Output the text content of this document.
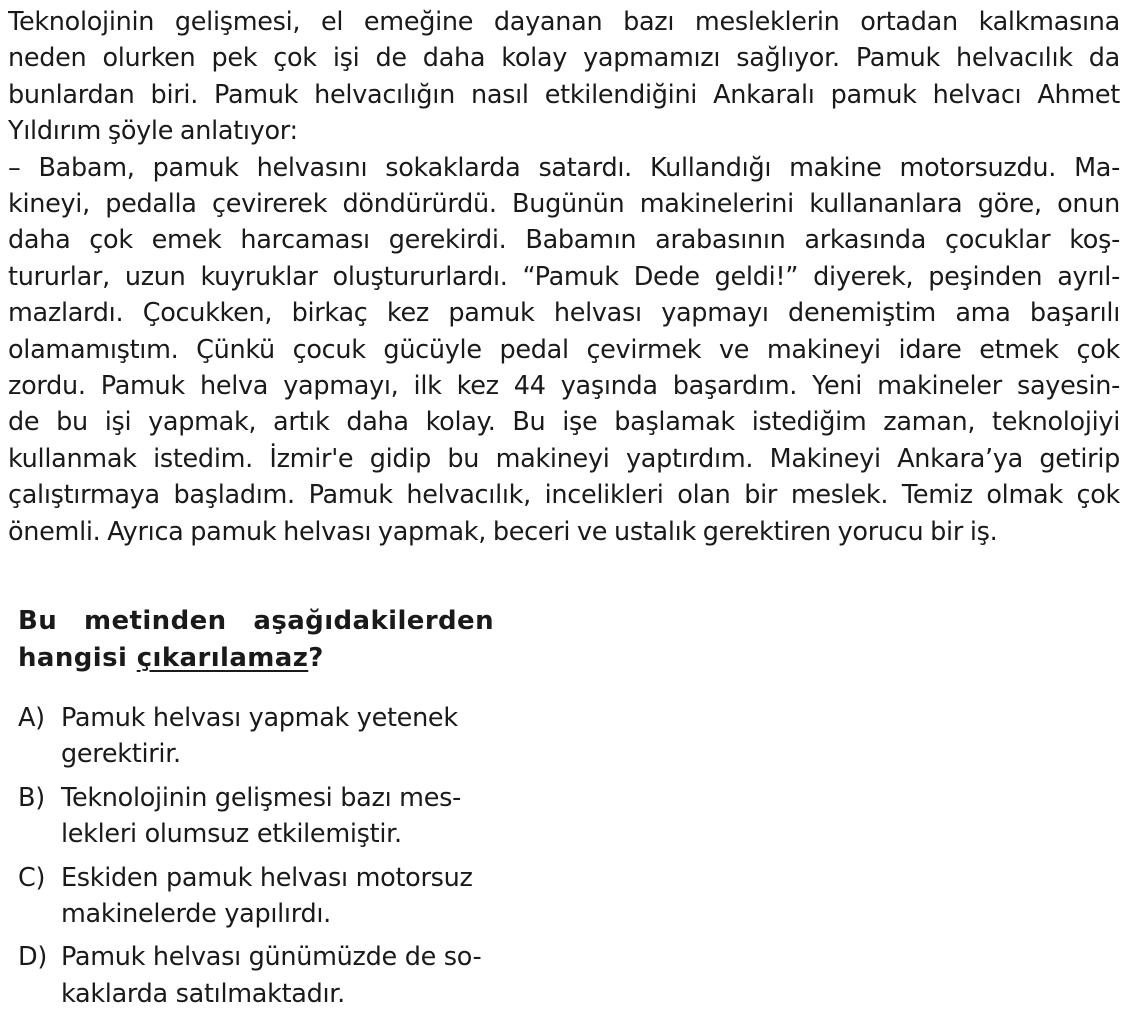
Teknolojinin gelişmesi, el emeğine dayanan bazı mesleklerin ortadan kalkmasına
neden olurken pek çok işi de daha kolay yapmamızı sağlıyor. Pamuk helvacılık da
bunlardan biri. Pamuk helvacılığın nasıl etkilendiğini Ankaralı pamuk helvacı Ahmet
Yıldırım şöyle anlatıyor:
– Babam, pamuk helvasını sokaklarda satardı. Kullandığı makine motorsuzdu. Ma-
kineyi, pedalla çevirerek döndürürdü. Bugünün makinelerini kullananlara göre, onun
daha çok emek harcaması gerekirdi. Babamın arabasının arkasında çocuklar koş-
tururlar, uzun kuyruklar oluştururlardı. “Pamuk Dede geldi!” diyerek, peşinden ayrıl-
mazlardı. Çocukken, birkaç kez pamuk helvası yapmayı denemiştim ama başarılı
olamamıştım. Çünkü çocuk gücüyle pedal çevirmek ve makineyi idare etmek çok
zordu. Pamuk helva yapmayı, ilk kez 44 yaşında başardım. Yeni makineler sayesin-
de bu işi yapmak, artık daha kolay. Bu işe başlamak istediğim zaman, teknolojiyi
kullanmak istedim. İzmir'e gidip bu makineyi yaptırdım. Makineyi Ankara’ya getirip
çalıştırmaya başladım. Pamuk helvacılık, incelikleri olan bir meslek. Temiz olmak çok
önemli. Ayrıca pamuk helvası yapmak, beceri ve ustalık gerektiren yorucu bir iş.
Bu metinden aşağıdakilerden
hangisi çıkarılamaz?
A) Pamuk helvası yapmak yetenek
gerektirir.
B) Teknolojinin gelişmesi bazı mes-
lekleri olumsuz etkilemiştir.
C) Eskiden pamuk helvası motorsuz
makinelerde yapılırdı.
D) Pamuk helvası günümüzde de so-
kaklarda satılmaktadır.
